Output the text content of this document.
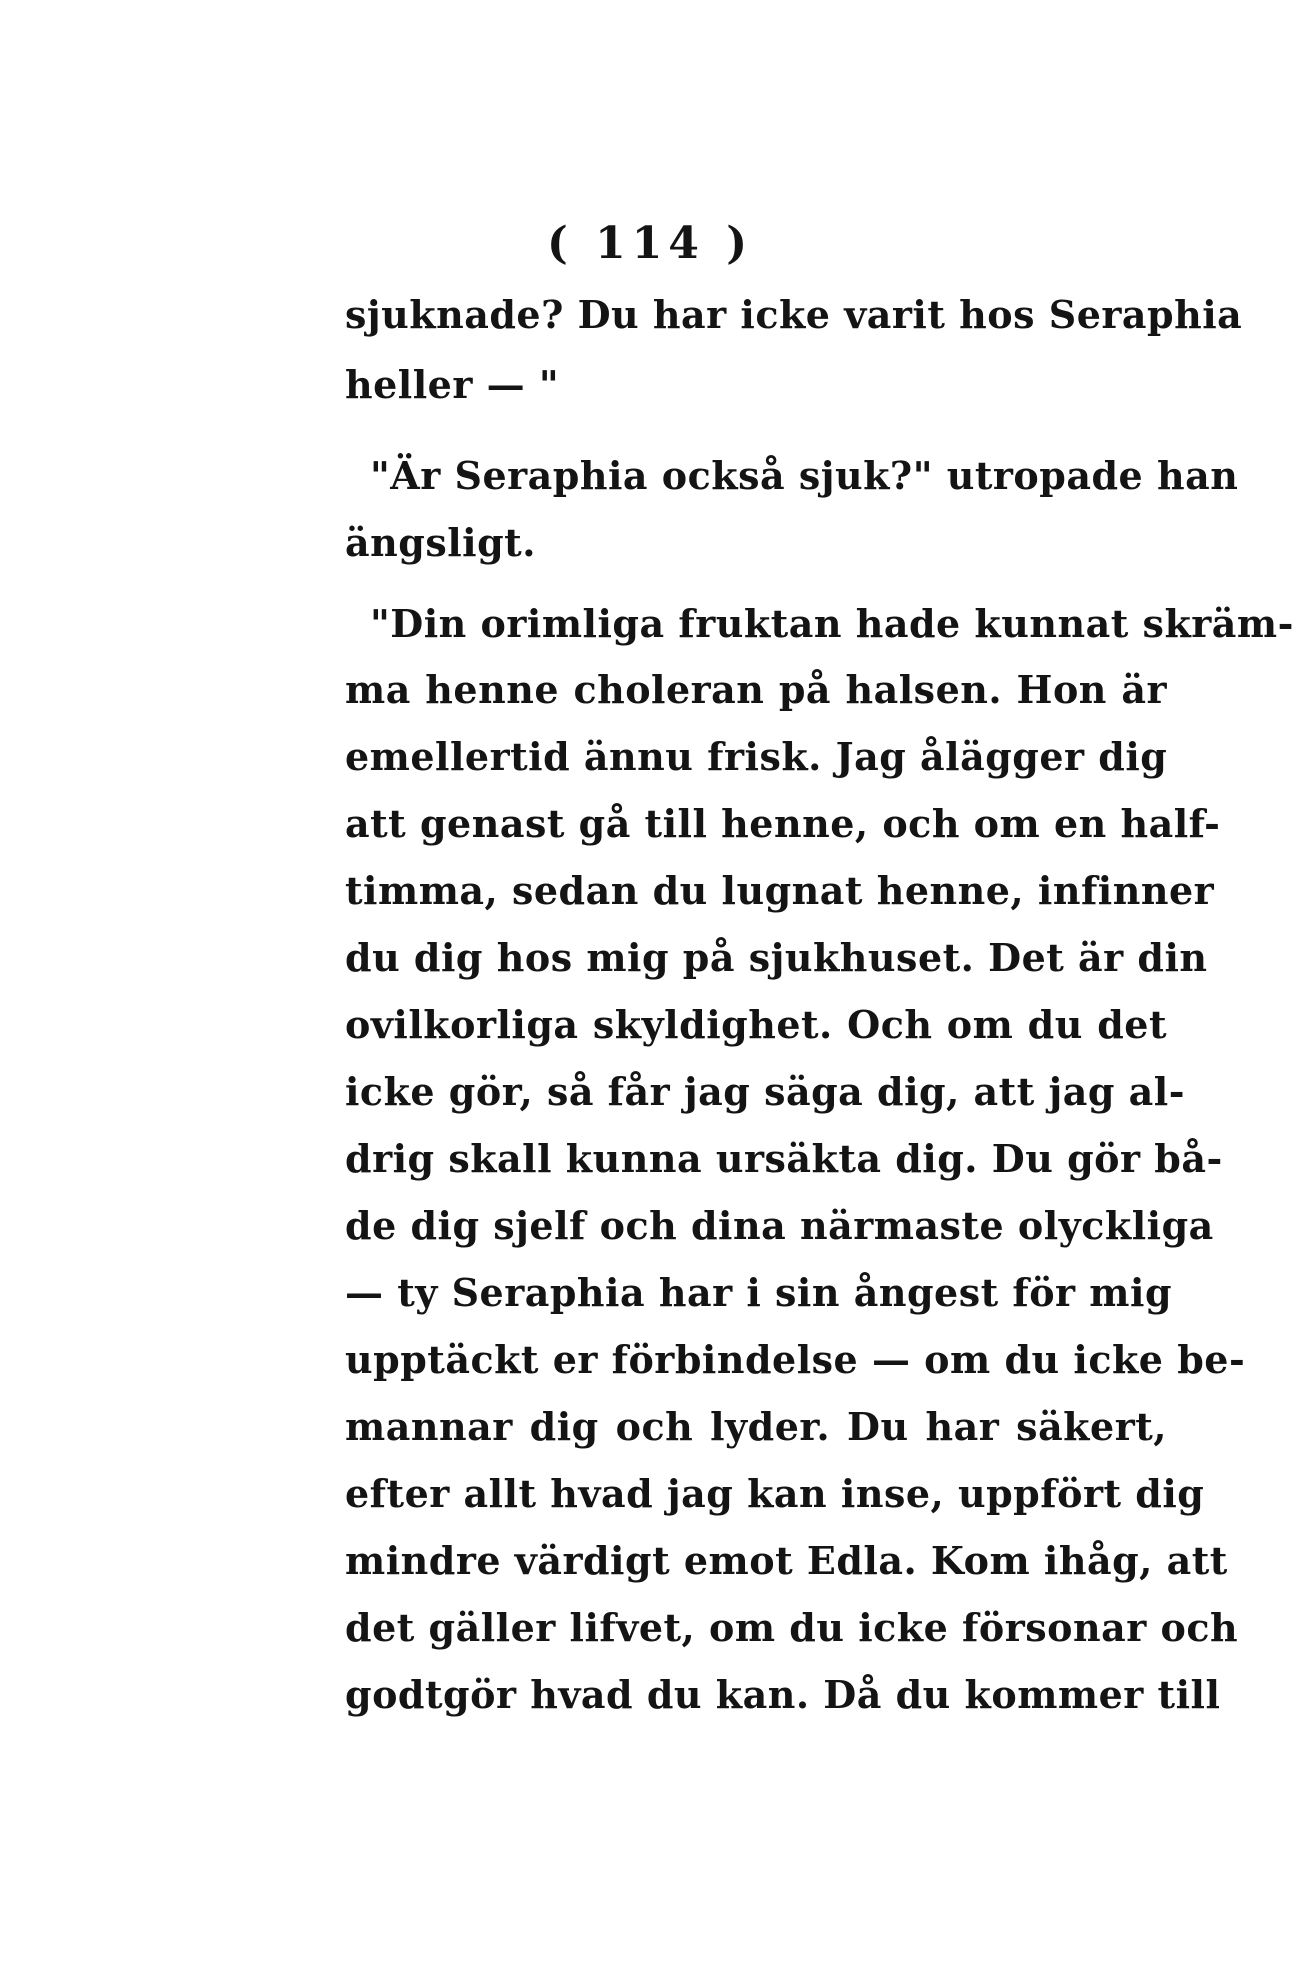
( 114 )
sjuknade? Du har icke varit hos Seraphia
heller — "
"Är Seraphia också sjuk?" utropade han
ängsligt.
"Din orimliga fruktan hade kunnat skräm-
ma henne choleran på halsen. Hon är
emellertid ännu frisk. Jag ålägger dig
att genast gå till henne, och om en half-
timma, sedan du lugnat henne, infinner
du dig hos mig på sjukhuset. Det är din
ovilkorliga skyldighet. Och om du det
icke gör, så får jag säga dig, att jag al-
drig skall kunna ursäkta dig. Du gör bå-
de dig sjelf och dina närmaste olyckliga
— ty Seraphia har i sin ångest för mig
upptäckt er förbindelse — om du icke be-
mannar dig och lyder. Du har säkert,
efter allt hvad jag kan inse, uppfört dig
mindre värdigt emot Edla. Kom ihåg, att
det gäller lifvet, om du icke försonar och
godtgör hvad du kan. Då du kommer till
